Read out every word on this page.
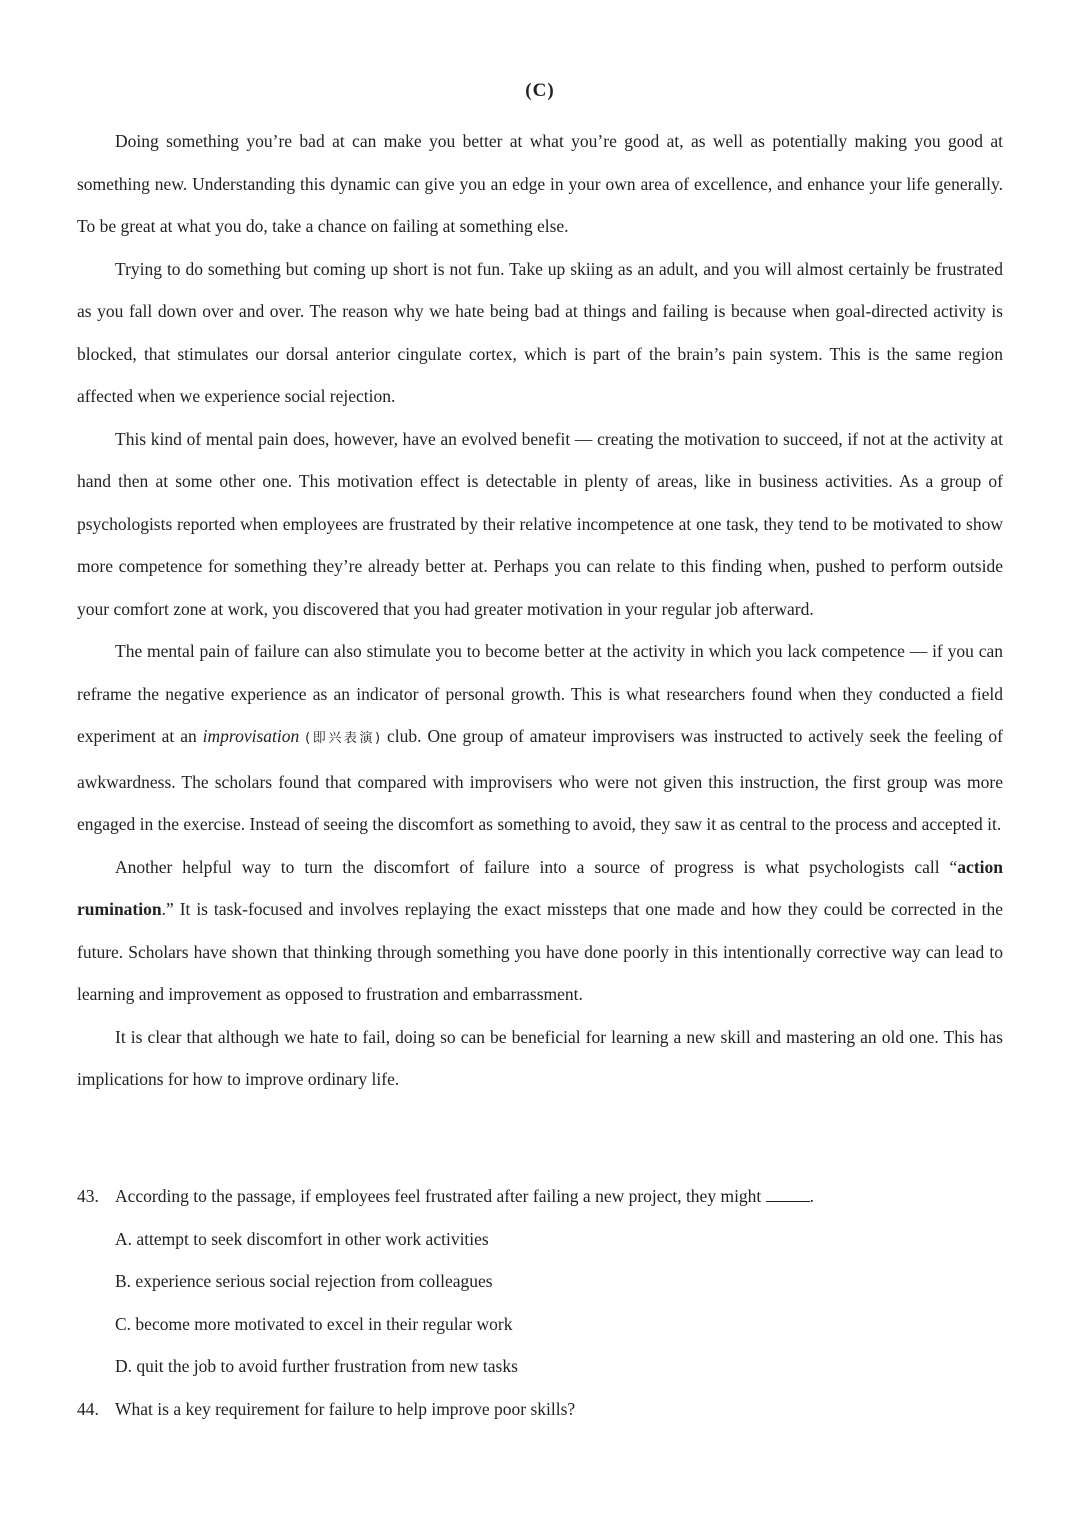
(C)

Doing something you’re bad at can make you better at what you’re good at, as well as potentially making you good at something new. Understanding this dynamic can give you an edge in your own area of excellence, and enhance your life generally. To be great at what you do, take a chance on failing at something else.

Trying to do something but coming up short is not fun. Take up skiing as an adult, and you will almost certainly be frustrated as you fall down over and over. The reason why we hate being bad at things and failing is because when goal-directed activity is blocked, that stimulates our dorsal anterior cingulate cortex, which is part of the brain’s pain system. This is the same region affected when we experience social rejection.

This kind of mental pain does, however, have an evolved benefit — creating the motivation to succeed, if not at the activity at hand then at some other one. This motivation effect is detectable in plenty of areas, like in business activities. As a group of psychologists reported when employees are frustrated by their relative incompetence at one task, they tend to be motivated to show more competence for something they’re already better at. Perhaps you can relate to this finding when, pushed to perform outside your comfort zone at work, you discovered that you had greater motivation in your regular job afterward.

The mental pain of failure can also stimulate you to become better at the activity in which you lack competence — if you can reframe the negative experience as an indicator of personal growth. This is what researchers found when they conducted a field experiment at an improvisation (即兴表演) club. One group of amateur improvisers was instructed to actively seek the feeling of awkwardness. The scholars found that compared with improvisers who were not given this instruction, the first group was more engaged in the exercise. Instead of seeing the discomfort as something to avoid, they saw it as central to the process and accepted it.

Another helpful way to turn the discomfort of failure into a source of progress is what psychologists call “action rumination.” It is task-focused and involves replaying the exact missteps that one made and how they could be corrected in the future. Scholars have shown that thinking through something you have done poorly in this intentionally corrective way can lead to learning and improvement as opposed to frustration and embarrassment.

It is clear that although we hate to fail, doing so can be beneficial for learning a new skill and mastering an old one. This has implications for how to improve ordinary life.

43. According to the passage, if employees feel frustrated after failing a new project, they might	.

A. attempt to seek discomfort in other work activities

B. experience serious social rejection from colleagues

C. become more motivated to excel in their regular work

D. quit the job to avoid further frustration from new tasks

44. What is a key requirement for failure to help improve poor skills?
